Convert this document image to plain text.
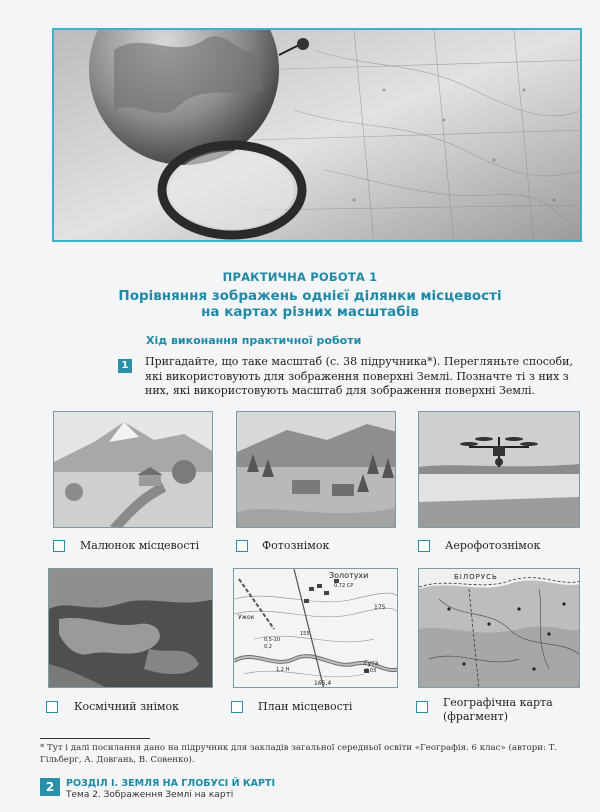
ПРАКТИЧНА РОБОТА 1
Порівняння зображень однієї ділянки місцевості
на картах різних масштабів
Хід виконання практичної роботи
1	Пригадайте, що таке масштаб (с. 38 підручника*). Перегляньте способи, які використовують для зображення поверхні Землі. Позначте ті з них з них, які використовують масштаб для зображення поверхні Землі.
Малюнок місцевості	Фотознімок	Аерофотознімок
Золотухи
0,72 СР
175
0,5-10
0,2
Гута
0,03
165,4
Ужок
1,2 Н
155
БІЛОРУСЬ
Космічний знімок	План місцевості	Географічна карта
(фрагмент)
* Тут і далі посилання дано на підручник для закладів загальної середньої освіти «Географія. 6 клас» (автори: Т. Гільберг, А. Довгань, В. Совенко).
2	РОЗДІЛ І. ЗЕМЛЯ НА ГЛОБУСІ Й КАРТІ
Тема 2. Зображення Землі на карті
